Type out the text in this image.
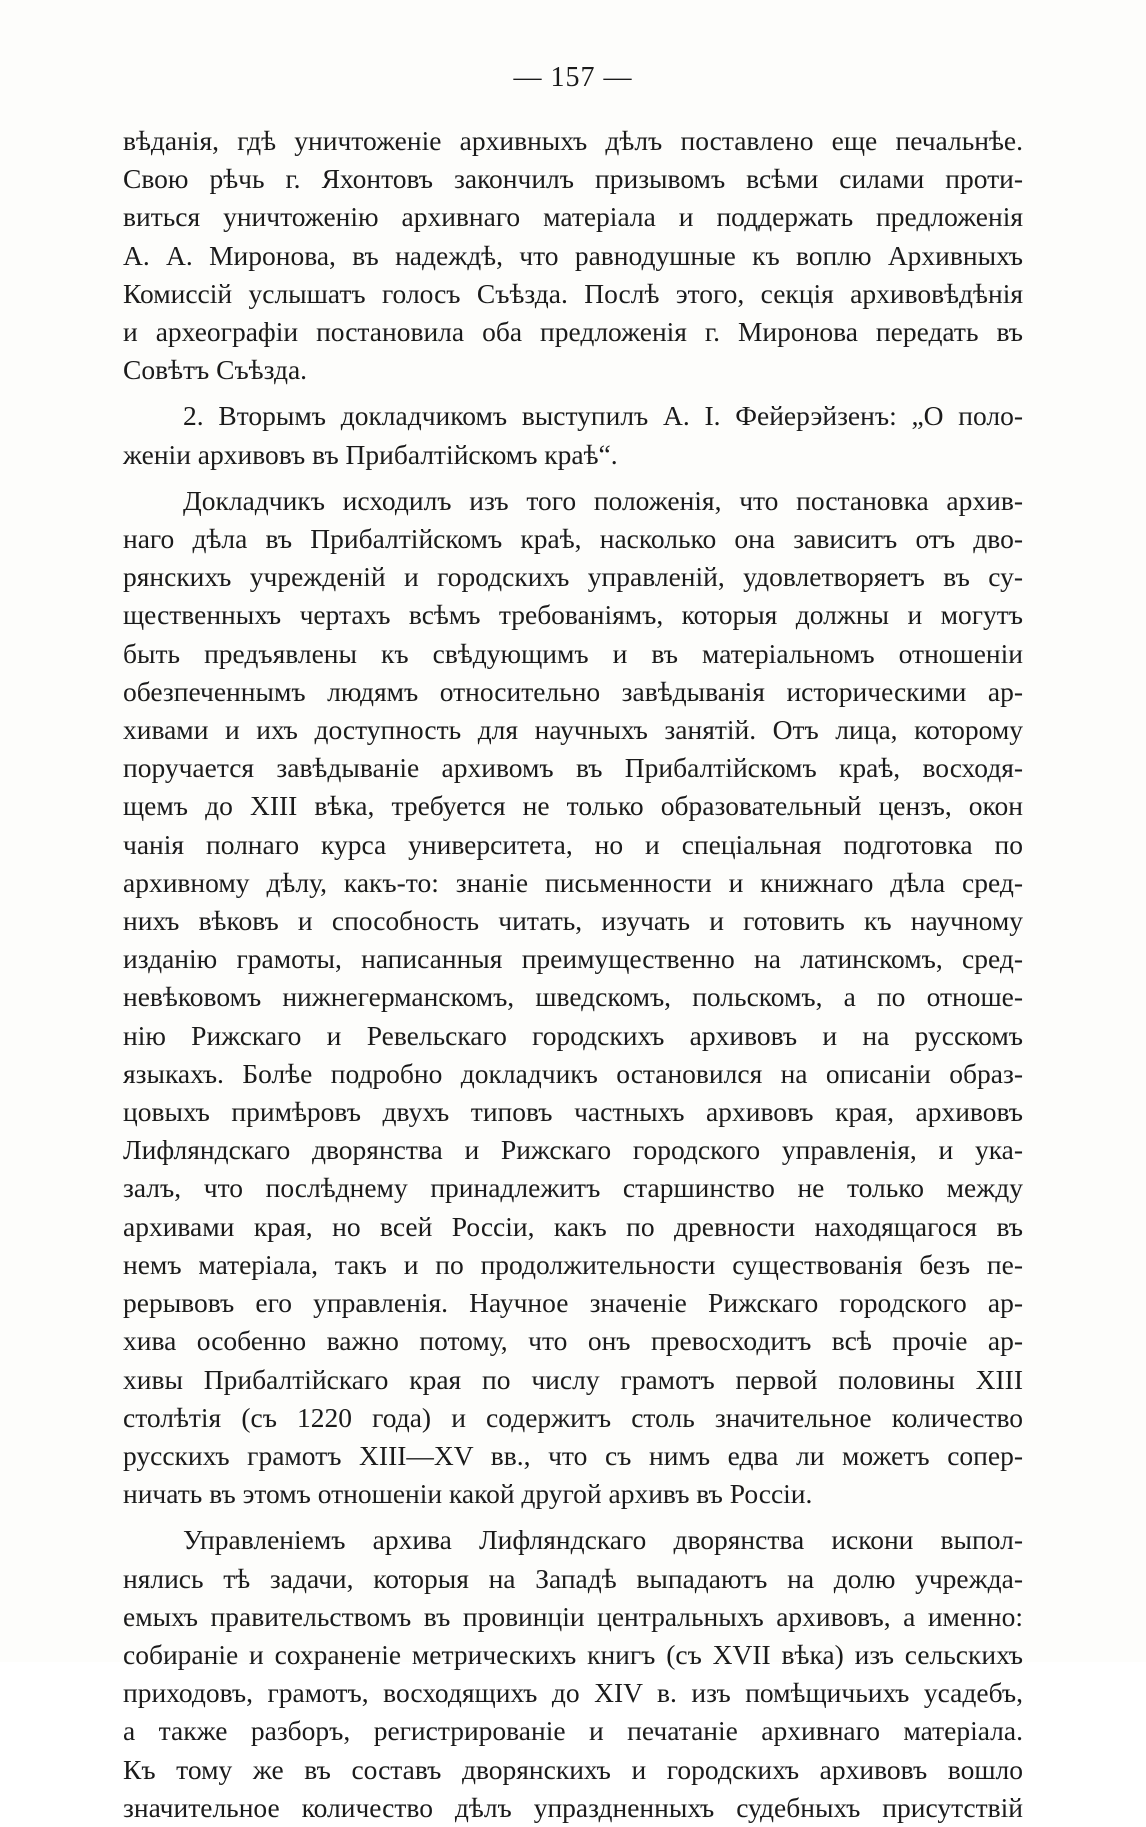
— 157 —

вѣданія, гдѣ уничтоженіе архивныхъ дѣлъ поставлено еще печальнѣе.
Свою рѣчь г. Яхонтовъ закончилъ призывомъ всѣми силами проти-
виться уничтоженію архивнаго матеріала и поддержать предложенія
А. А. Миронова, въ надеждѣ, что равнодушные къ воплю Архивныхъ
Комиссій услышатъ голосъ Съѣзда. Послѣ этого, секція архивовѣдѣнія
и археографіи постановила оба предложенія г. Миронова передать въ
Совѣтъ Съѣзда.

2. Вторымъ докладчикомъ выступилъ А. І. Фейерэйзенъ: „О поло-
женіи архивовъ въ Прибалтійскомъ краѣ“.

Докладчикъ исходилъ изъ того положенія, что постановка архив-
наго дѣла въ Прибалтійскомъ краѣ, насколько она зависитъ отъ дво-
рянскихъ учрежденій и городскихъ управленій, удовлетворяетъ въ су-
щественныхъ чертахъ всѣмъ требованіямъ, которыя должны и могутъ
быть предъявлены къ свѣдующимъ и въ матеріальномъ отношеніи
обезпеченнымъ людямъ относительно завѣдыванія историческими ар-
хивами и ихъ доступность для научныхъ занятій. Отъ лица, которому
поручается завѣдываніе архивомъ въ Прибалтійскомъ краѣ, восходя-
щемъ до XIII вѣка, требуется не только образовательный цензъ, окон
чанія полнаго курса университета, но и спеціальная подготовка по
архивному дѣлу, какъ-то: знаніе письменности и книжнаго дѣла сред-
нихъ вѣковъ и способность читать, изучать и готовить къ научному
изданію грамоты, написанныя преимущественно на латинскомъ, сред-
невѣковомъ нижнегерманскомъ, шведскомъ, польскомъ, а по отноше-
нію Рижскаго и Ревельскаго городскихъ архивовъ и на русскомъ
языкахъ. Болѣе подробно докладчикъ остановился на описаніи образ-
цовыхъ примѣровъ двухъ типовъ частныхъ архивовъ края, архивовъ
Лифляндскаго дворянства и Рижскаго городского управленія, и ука-
залъ, что послѣднему принадлежитъ старшинство не только между
архивами края, но всей Россіи, какъ по древности находящагося въ
немъ матеріала, такъ и по продолжительности существованія безъ пе-
рерывовъ его управленія. Научное значеніе Рижскаго городского ар-
хива особенно важно потому, что онъ превосходитъ всѣ прочіе ар-
хивы Прибалтійскаго края по числу грамотъ первой половины XIII
столѣтія (съ 1220 года) и содержитъ столь значительное количество
русскихъ грамотъ XIII—XV вв., что съ нимъ едва ли можетъ сопер-
ничать въ этомъ отношеніи какой другой архивъ въ Россіи.

Управленіемъ архива Лифляндскаго дворянства искони выпол-
нялись тѣ задачи, которыя на Западѣ выпадаютъ на долю учрежда-
емыхъ правительствомъ въ провинціи центральныхъ архивовъ, а именно:
собираніе и сохраненіе метрическихъ книгъ (съ XVII вѣка) изъ сельскихъ
приходовъ, грамотъ, восходящихъ до XIV в. изъ помѣщичьихъ усадебъ,
а также разборъ, регистрированіе и печатаніе архивнаго матеріала.
Къ тому же въ составъ дворянскихъ и городскихъ архивовъ вошло
значительное количество дѣлъ упраздненныхъ судебныхъ присутствій
